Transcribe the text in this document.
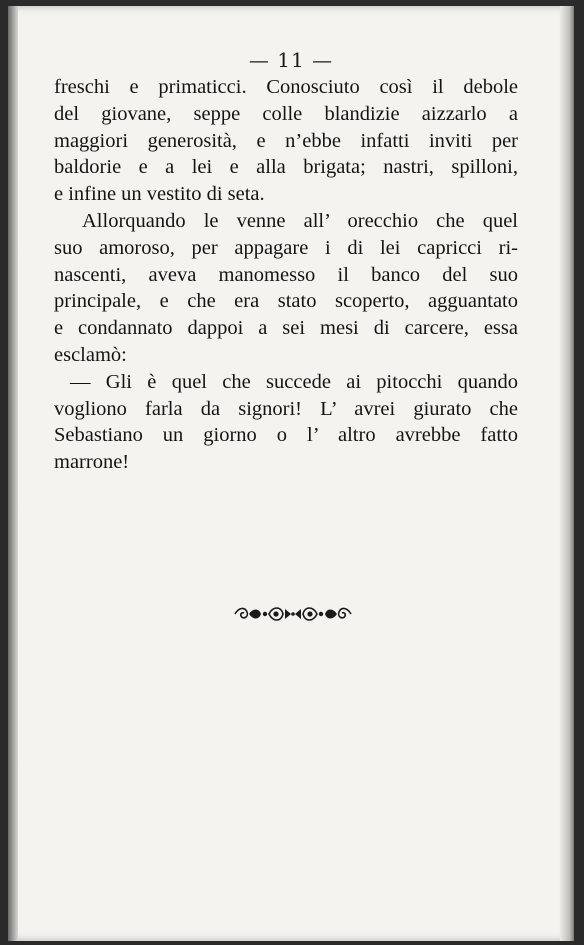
— 11 —
freschi e primaticci. Conosciuto così il debole
del giovane, seppe colle blandizie aizzarlo a
maggiori generosità, e n’ebbe infatti inviti per
baldorie e a lei e alla brigata; nastri, spilloni,
e infine un vestito di seta.
Allorquando le venne all’ orecchio che quel
suo amoroso, per appagare i di lei capricci ri-
nascenti, aveva manomesso il banco del suo
principale, e che era stato scoperto, agguantato
e condannato dappoi a sei mesi di carcere, essa
esclamò:
— Gli è quel che succede ai pitocchi quando
vogliono farla da signori! L’ avrei giurato che
Sebastiano un giorno o l’ altro avrebbe fatto
marrone!
